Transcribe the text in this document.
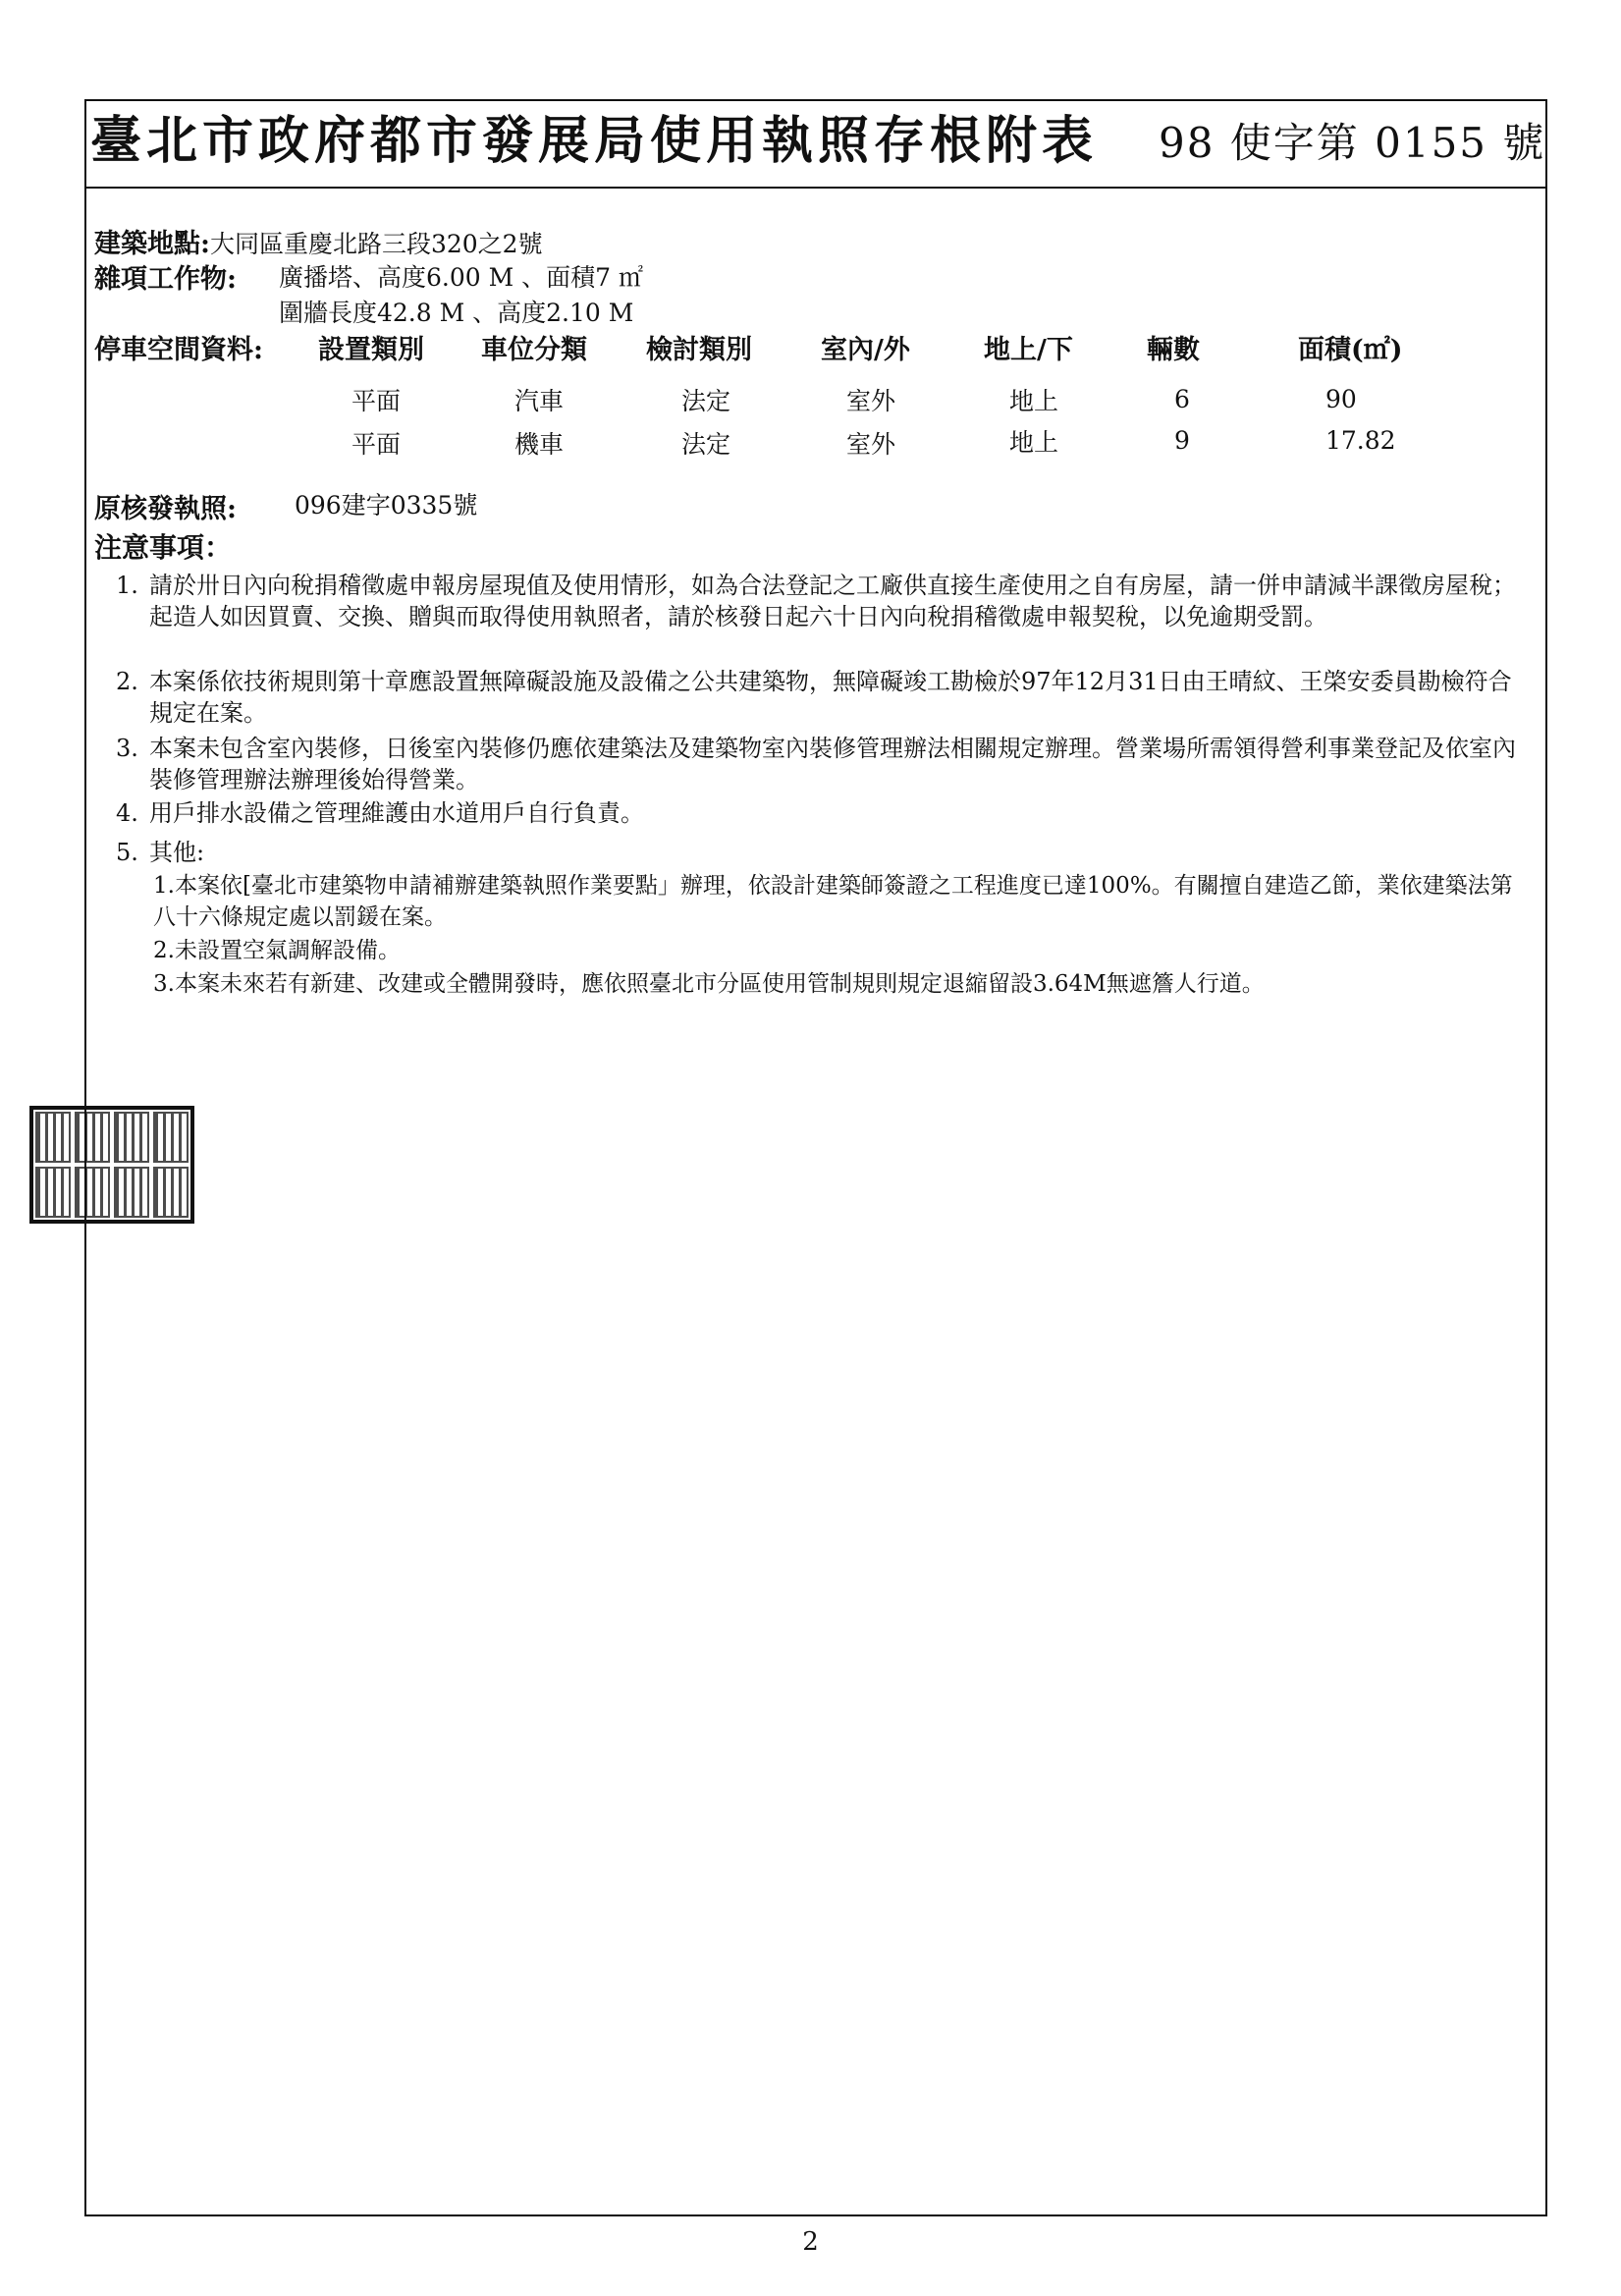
臺北市政府都市發展局使用執照存根附表 98 使字第 0155 號
建築地點:大同區重慶北路三段320之2號
雜項工作物: 廣播塔、高度6.00 M 、面積7 ㎡
圍牆長度42.8 M 、高度2.10 M
停車空間資料: 設置類別 車位分類 檢討類別	室內/外	地上/下	輛數	面積(㎡)
平面	汽車	法定	室外	地上	6	90
平面	機車	法定	室外	地上	9	17.82
原核發執照: 096建字0335號
注意事項：
1. 請於卅日內向稅捐稽徵處申報房屋現值及使用情形，如為合法登記之工廠供直接生產使用之自有房屋，請一併申請減半課徵房屋稅；起造人如因買賣、交換、贈與而取得使用執照者，請於核發日起六十日內向稅捐稽徵處申報契稅，以免逾期受罰。
2. 本案係依技術規則第十章應設置無障礙設施及設備之公共建築物，無障礙竣工勘檢於97年12月31日由王晴紋、王棨安委員勘檢符合規定在案。
3. 本案未包含室內裝修，日後室內裝修仍應依建築法及建築物室內裝修管理辦法相關規定辦理。營業場所需領得營利事業登記及依室內裝修管理辦法辦理後始得營業。
4. 用戶排水設備之管理維護由水道用戶自行負責。
5. 其他:
1.本案依[臺北市建築物申請補辦建築執照作業要點」辦理，依設計建築師簽證之工程進度已達100%。有關擅自建造乙節，業依建築法第八十六條規定處以罰鍰在案。
2.未設置空氣調解設備。
3.本案未來若有新建、改建或全體開發時，應依照臺北市分區使用管制規則規定退縮留設3.64M無遮簷人行道。
2
